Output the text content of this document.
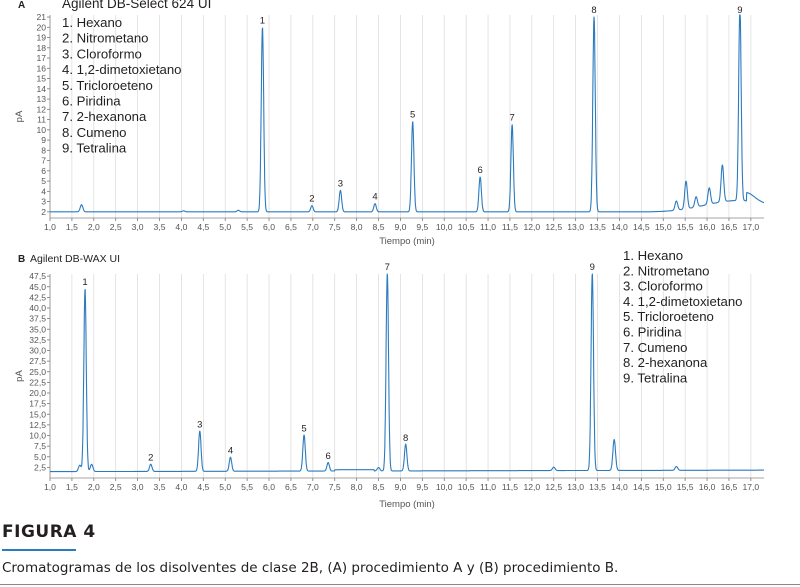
1,0 1,5 2,0 2,5 3,0 3,5 4,0 4,5 5,0 5,5 6,0 6,5 7,0 7,5 8,0 8,5 9,0 9,5 10,0 10,5 11,0 11,5 12,0 12,5 13,0 13,5 14,0 14,5 15,0 15,5 16,0 16,5 17,0
2
3
4
5
6
7
8
9
10
11
12
13
14
15
16
17
18
19
20
21
Tiempo (min)
pA
A	Agilent DB-Select 624 UI
1. Hexano
2. Nitrometano
3. Cloroformo
4. 1,2-dimetoxietano
5. Tricloroeteno
6. Piridina
7. 2-hexanona
8. Cumeno
9. Tetralina
1
2
3
4
5
6
7
8	9
1,0 1,5 2,0 2,5 3,0 3,5 4,0 4,5 5,0 5,5 6,0 6,5 7,0 7,5 8,0 8,5 9,0 9,5 10,0 10,5 11,0 11,5 12,0 12,5 13,0 13,5 14,0 14,5 15,0 15,5 16,0 16,5 17,0
2,5
5,0
7,5
10,0
12,5
15,0
17,5
20,0
22,5
25,0
27,5
30,0
32,5
35,0
37,5
40,0
42,5
45,0
47,5
Tiempo (min)
pA
B Agilent DB-WAX UI	1. Hexano
2. Nitrometano
3. Cloroformo
4. 1,2-dimetoxietano
5. Tricloroeteno
6. Piridina
7. Cumeno
8. 2-hexanona
9. Tetralina
1
2
3
4
5
6
7
8
9
FIGURA 4
Cromatogramas de los disolventes de clase 2B, (A) procedimiento A y (B) procedimiento B.
